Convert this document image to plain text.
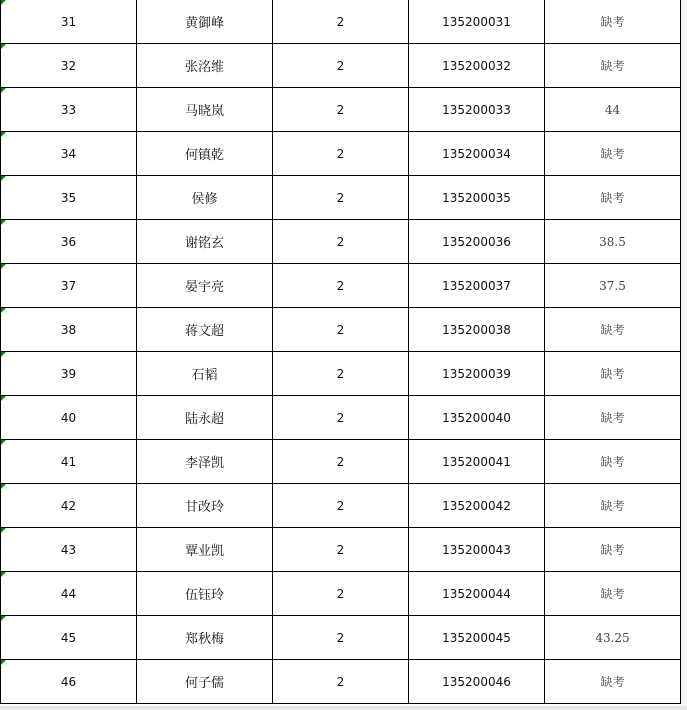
31	黄御峰	2	135200031	缺考

32	张洺维	2	135200032	缺考

33	马晓岚	2	135200033	44

34	何镇乾	2	135200034	缺考

35	侯修	2	135200035	缺考

36	谢铭玄	2	135200036	38.5

37	晏宇亮	2	135200037	37.5

38	蒋文超	2	135200038	缺考

39	石韬	2	135200039	缺考

40	陆永超	2	135200040	缺考

41	李泽凯	2	135200041	缺考

42	甘改玲	2	135200042	缺考

43	覃业凯	2	135200043	缺考

44	伍钰玲	2	135200044	缺考

45	郑秋梅	2	135200045	43.25

46	何子儒	2	135200046	缺考
